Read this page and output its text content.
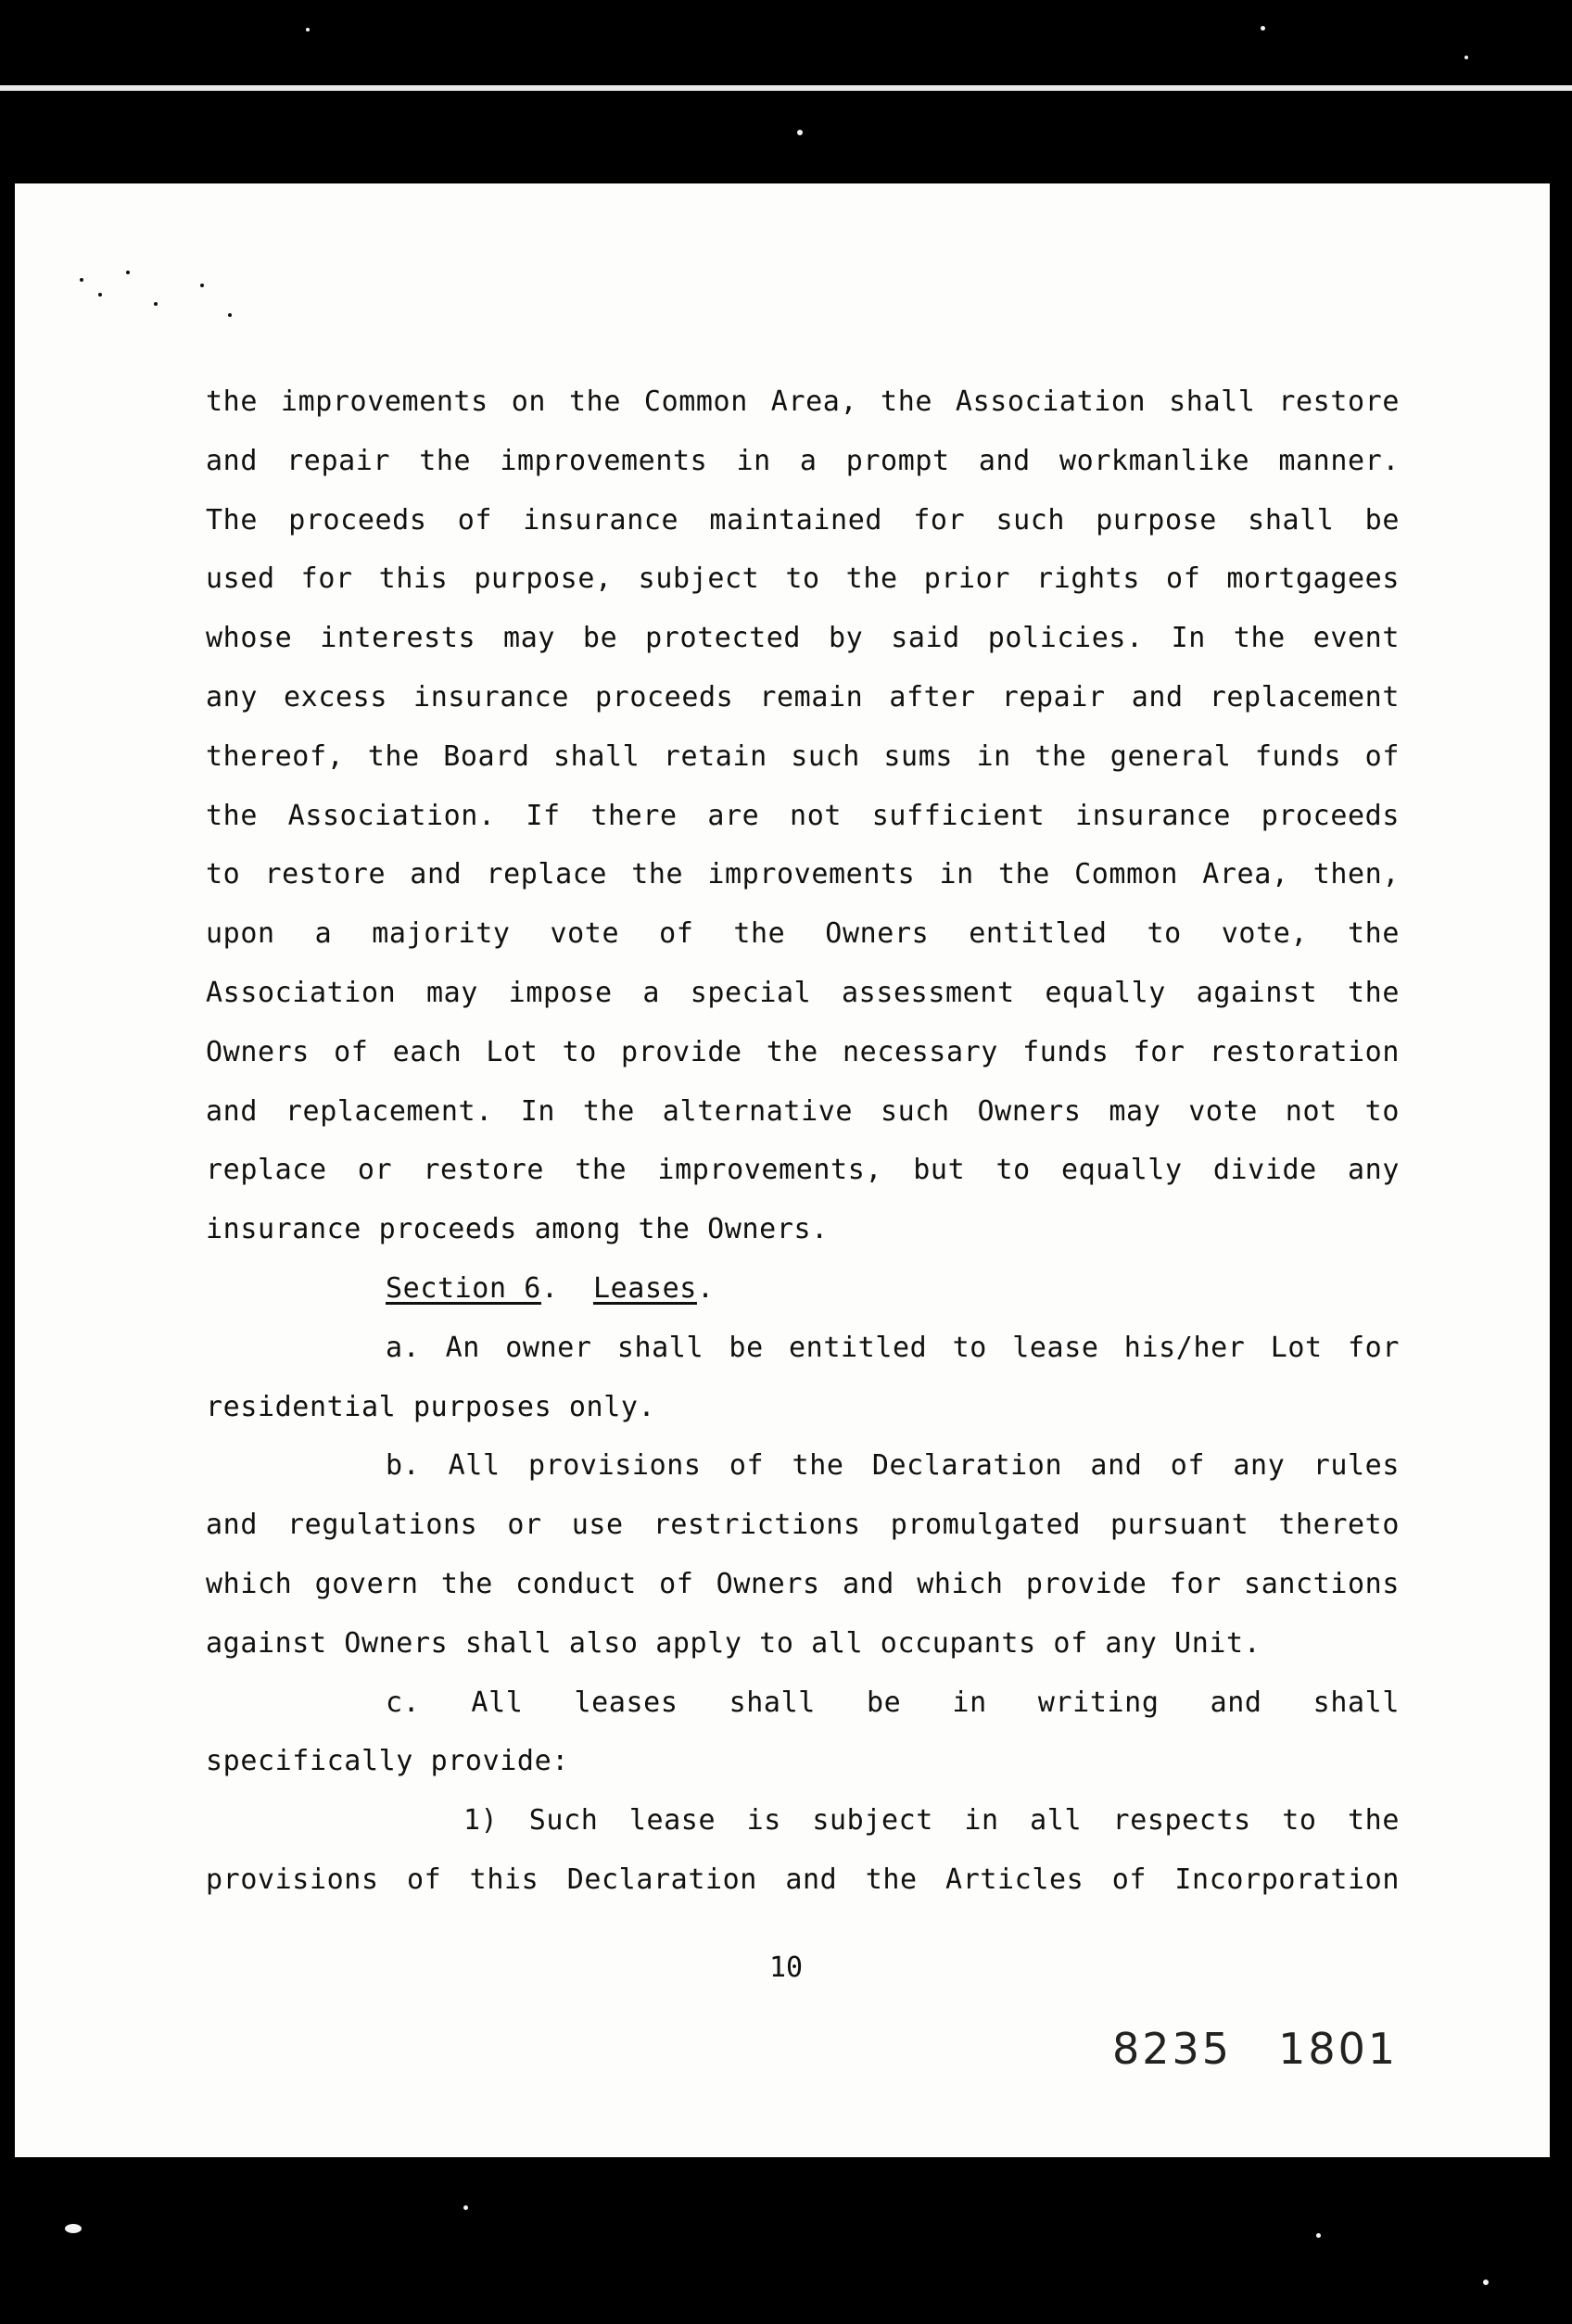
the improvements on the Common Area, the Association shall restore

and repair the improvements in a prompt and workmanlike manner.

The proceeds of insurance maintained for such purpose shall be

used for this purpose, subject to the prior rights of mortgagees

whose interests may be protected by said policies. In the event

any excess insurance proceeds remain after repair and replacement

thereof, the Board shall retain such sums in the general funds of

the Association. If there are not sufficient insurance proceeds

to restore and replace the improvements in the Common Area, then,

upon a majority vote of the Owners entitled to vote, the

Association may impose a special assessment equally against the

Owners of each Lot to provide the necessary funds for restoration

and replacement. In the alternative such Owners may vote not to

replace or restore the improvements, but to equally divide any

insurance proceeds among the Owners.

Section 6.  Leases.

a. An owner shall be entitled to lease his/her Lot for

residential purposes only.

b. All provisions of the Declaration and of any rules

and regulations or use restrictions promulgated pursuant thereto

which govern the conduct of Owners and which provide for sanctions

against Owners shall also apply to all occupants of any Unit.

c. All leases shall be in writing and shall

specifically provide:

1) Such lease is subject in all respects to the

provisions of this Declaration and the Articles of Incorporation

10
8235 1801
